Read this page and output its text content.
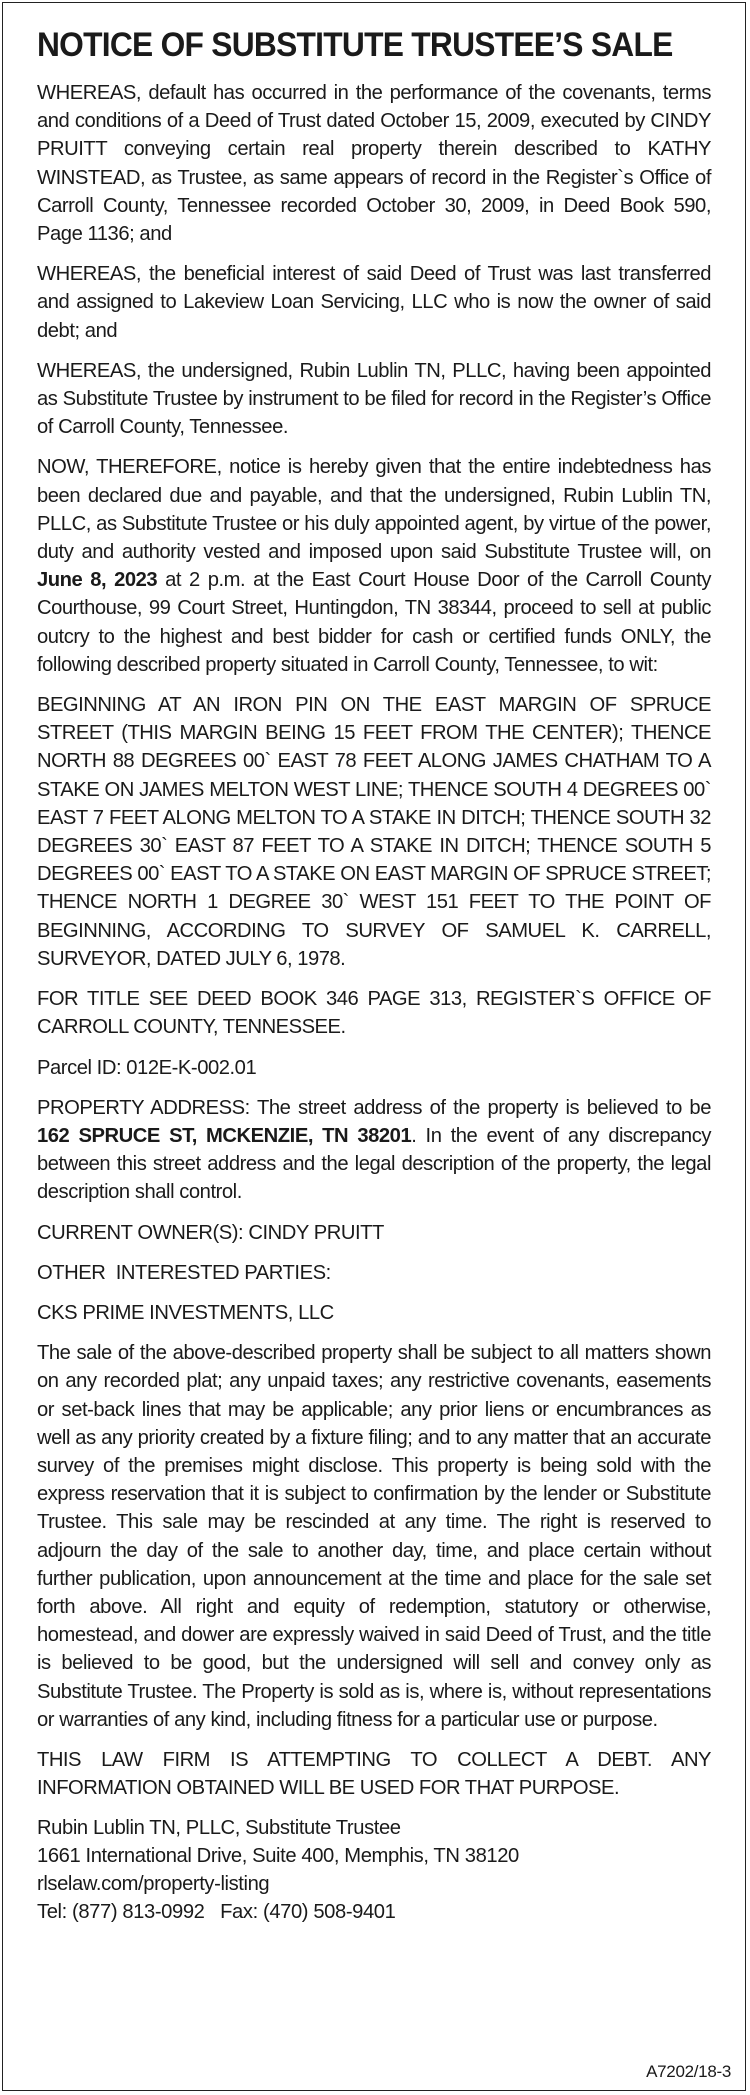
NOTICE OF SUBSTITUTE TRUSTEE’S SALE

WHEREAS, default has occurred in the performance of the covenants, terms and conditions of a Deed of Trust dated October 15, 2009, executed by CINDY PRUITT conveying certain real property therein described to KATHY WINSTEAD, as Trustee, as same appears of record in the Register`s Office of Carroll County, Tennessee recorded October 30, 2009, in Deed Book 590, Page 1136; and

WHEREAS, the beneficial interest of said Deed of Trust was last transferred and assigned to Lakeview Loan Servicing, LLC who is now the owner of said debt; and

WHEREAS, the undersigned, Rubin Lublin TN, PLLC, having been appointed as Substitute Trustee by instrument to be filed for record in the Register’s Office of Carroll County, Tennessee.

NOW, THEREFORE, notice is hereby given that the entire indebtedness has been declared due and payable, and that the undersigned, Rubin Lublin TN, PLLC, as Substitute Trustee or his duly appointed agent, by virtue of the power, duty and authority vested and imposed upon said Substitute Trustee will, on June 8, 2023 at 2 p.m. at the East Court House Door of the Carroll County Courthouse, 99 Court Street, Huntingdon, TN 38344, proceed to sell at public outcry to the highest and best bidder for cash or certified funds ONLY, the following described property situated in Carroll County, Tennessee, to wit:

BEGINNING AT AN IRON PIN ON THE EAST MARGIN OF SPRUCE STREET (THIS MARGIN BEING 15 FEET FROM THE CENTER); THENCE NORTH 88 DEGREES 00` EAST 78 FEET ALONG JAMES CHATHAM TO A STAKE ON JAMES MELTON WEST LINE; THENCE SOUTH 4 DEGREES 00` EAST 7 FEET ALONG MELTON TO A STAKE IN DITCH; THENCE SOUTH 32 DEGREES 30` EAST 87 FEET TO A STAKE IN DITCH; THENCE SOUTH 5 DEGREES 00` EAST TO A STAKE ON EAST MARGIN OF SPRUCE STREET; THENCE NORTH 1 DEGREE 30` WEST 151 FEET TO THE POINT OF BEGINNING, ACCORDING TO SURVEY OF SAMUEL K. CARRELL, SURVEYOR, DATED JULY 6, 1978.

FOR TITLE SEE DEED BOOK 346 PAGE 313, REGISTER`S OFFICE OF CARROLL COUNTY, TENNESSEE.

Parcel ID: 012E-K-002.01

PROPERTY ADDRESS: The street address of the property is believed to be 162 SPRUCE ST, MCKENZIE, TN 38201. In the event of any discrepancy between this street address and the legal description of the property, the legal description shall control.

CURRENT OWNER(S): CINDY PRUITT

OTHER  INTERESTED PARTIES:

CKS PRIME INVESTMENTS, LLC

The sale of the above-described property shall be subject to all matters shown on any recorded plat; any unpaid taxes; any restrictive covenants, easements or set-back lines that may be applicable; any prior liens or encumbrances as well as any priority created by a fixture filing; and to any matter that an accurate survey of the premises might disclose. This property is being sold with the express reservation that it is subject to confirmation by the lender or Substitute Trustee. This sale may be rescinded at any time. The right is reserved to adjourn the day of the sale to another day, time, and place certain without further publication, upon announcement at the time and place for the sale set forth above. All right and equity of redemption, statutory or otherwise, homestead, and dower are expressly waived in said Deed of Trust, and the title is believed to be good, but the undersigned will sell and convey only as Substitute Trustee. The Property is sold as is, where is, without representations or warranties of any kind, including fitness for a particular use or purpose.

THIS LAW FIRM IS ATTEMPTING TO COLLECT A DEBT. ANY INFORMATION OBTAINED WILL BE USED FOR THAT PURPOSE.

Rubin Lublin TN, PLLC, Substitute Trustee
1661 International Drive, Suite 400, Memphis, TN 38120
rlselaw.com/property-listing
Tel: (877) 813-0992 Fax: (470) 508-9401
A7202/18-3
